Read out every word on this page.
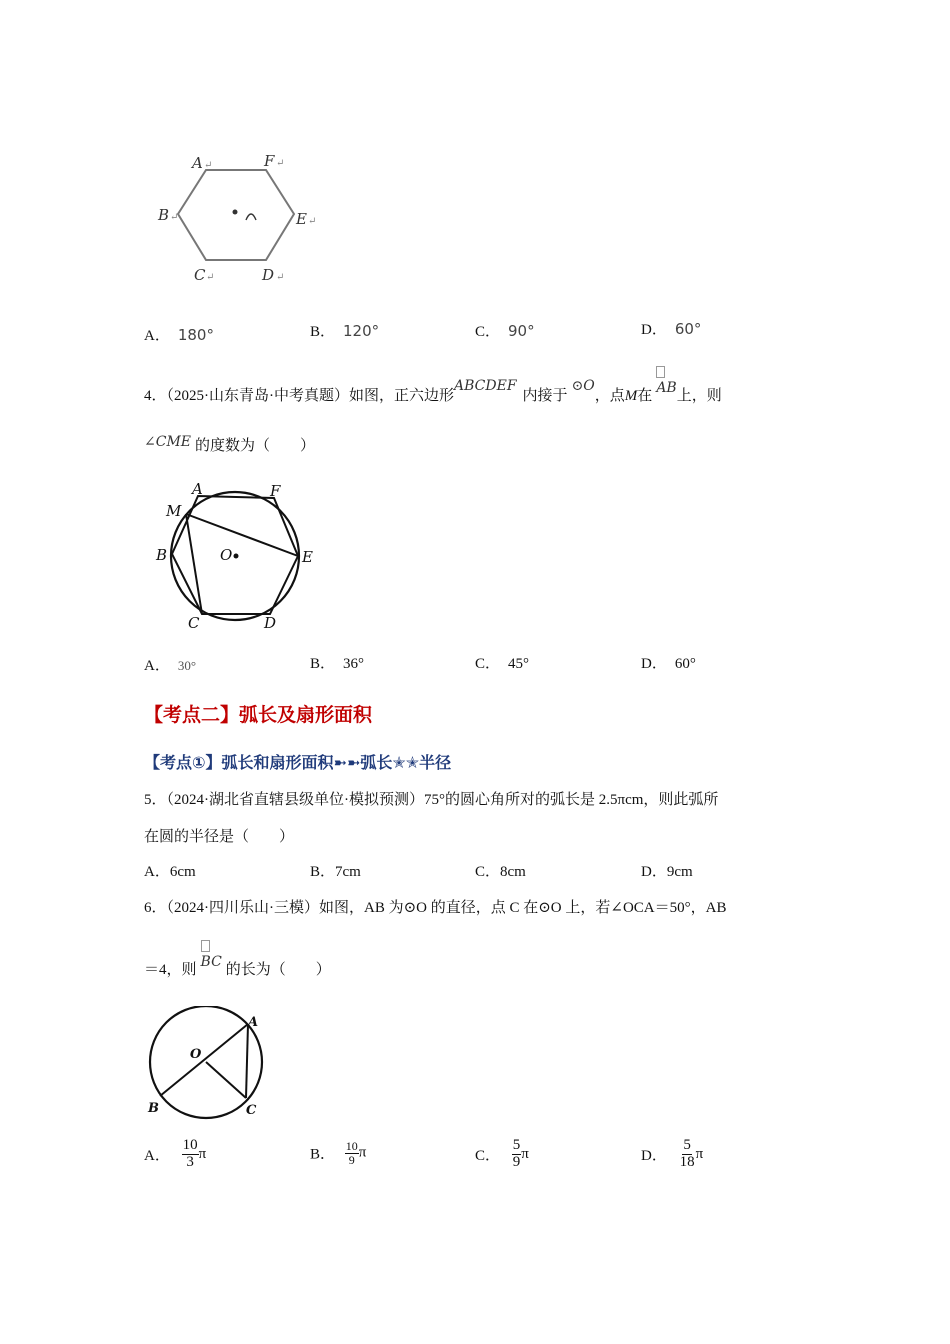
A	F
B	E
C	D
↵	↵
↵	↵
↵	↵
A． 180°	B． 120°	C． 90°	D． 60°
4．（2025·山东青岛·中考真题）如图，正六边形ABCDEF内接于⊙O，点M在 AB上，则
∠CME 的度数为（　　）
A	F
M
B	O	E
C	D
A． 30°	B． 36°	C． 45°	D． 60°
【考点二】弧长及扇形面积
【考点①】弧长和扇形面积➼➼弧长✭✭半径
5．（2024·湖北省直辖县级单位·模拟预测）75°的圆心角所对的弧长是 2.5πcm，则此弧所
在圆的半径是（　　）
A．6cm	B．7cm	C．8cm	D．9cm
6．（2024·四川乐山·三模）如图，AB 为⊙O 的直径，点 C 在⊙O 上，若∠OCA＝50°，AB
＝4，则 BC 的长为（　　）
A
O
B	C
A． $\frac{10}{3}$ π	B． $\frac{10}{9}$ π	C． $\frac{5}{9}$ π	D． $\frac{5}{18}$ π
